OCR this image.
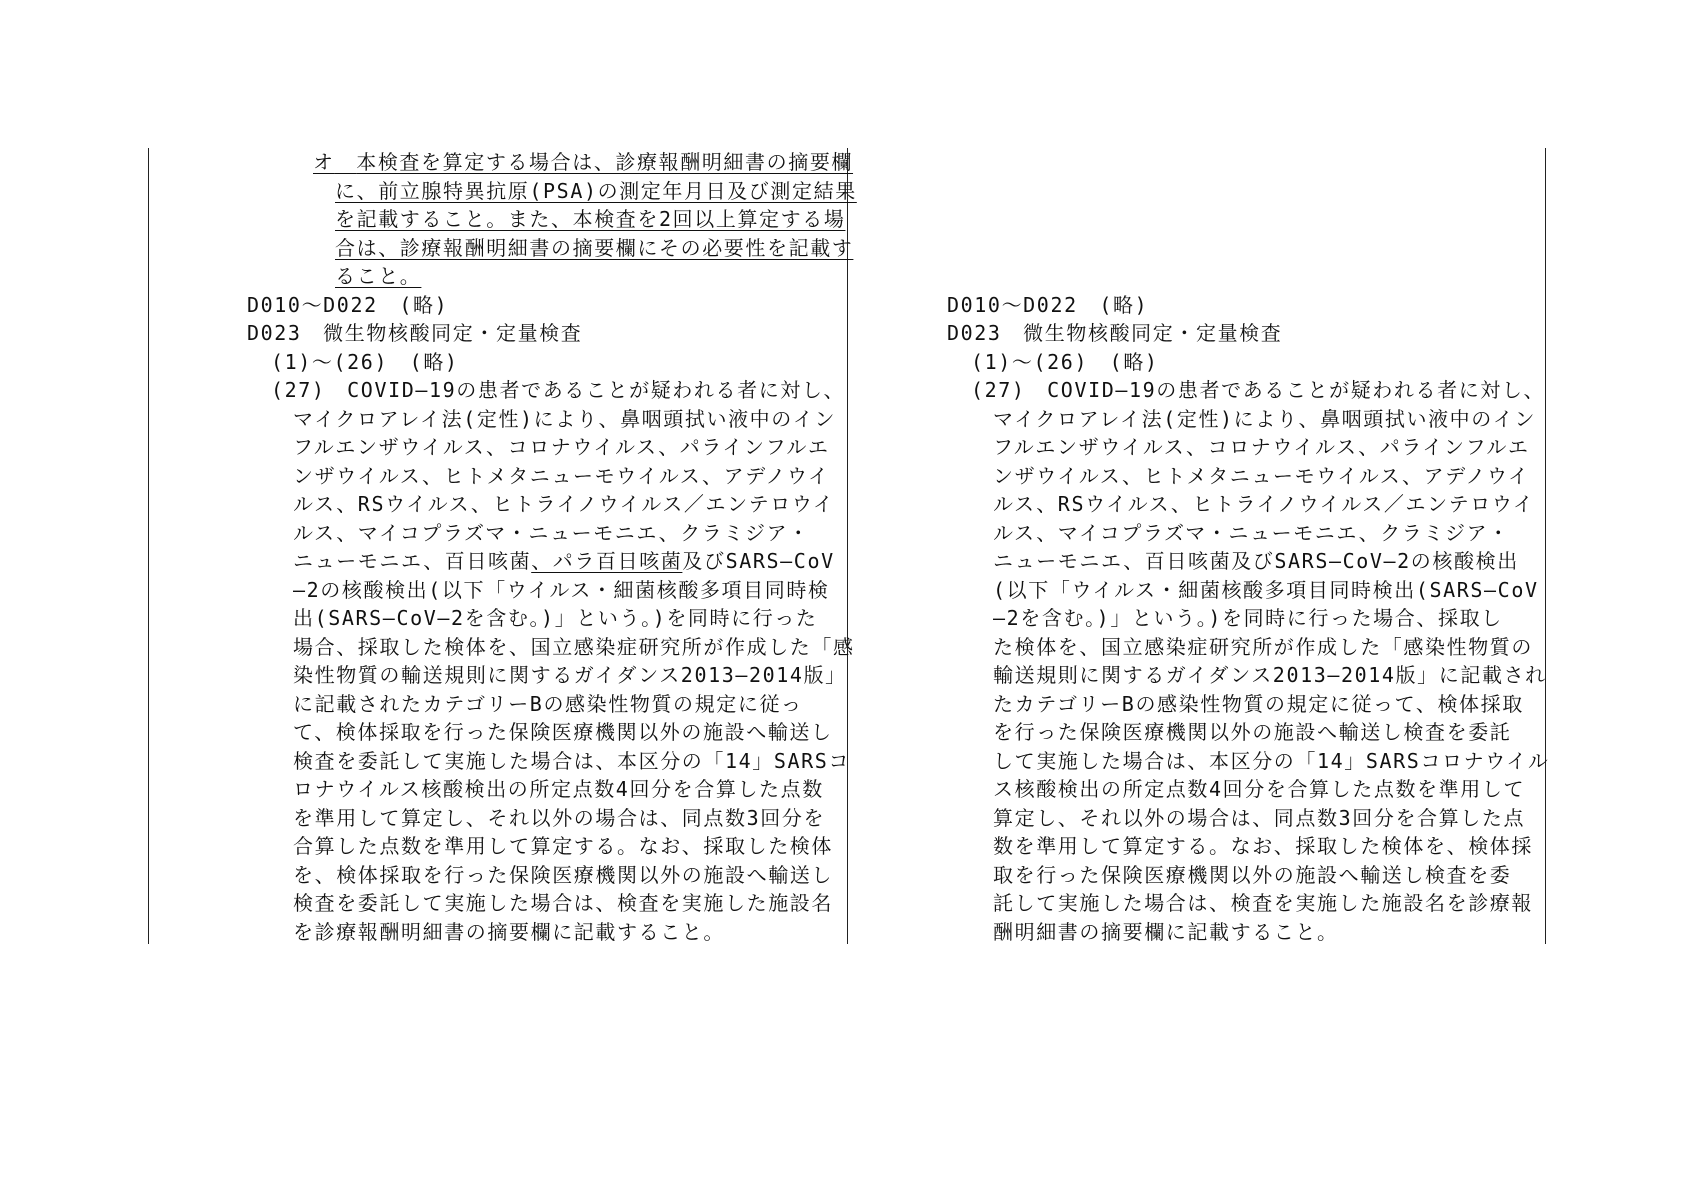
オ　 本検査を算定する場合は、診療報酬明細書の摘要欄
に、前立腺特異抗原(PSA)の測定年月日及び測定結果
を記載すること。また、本検査を2回以上算定する場
合は、診療報酬明細書の摘要欄にその必要性を記載す
ること。
D010～D022　(略)
D023　微生物核酸同定・定量検査
(1)～(26)　(略)
(27)　COVID―19の患者であることが疑われる者に対し、
マイクロアレイ法(定性)により、鼻咽頭拭い液中のイン
フルエンザウイルス、コロナウイルス、パラインフルエ
ンザウイルス、ヒトメタニューモウイルス、アデノウイ
ルス、RSウイルス、ヒトライノウイルス／エンテロウイ
ルス、マイコプラズマ・ニューモニエ、クラミジア・
ニューモニエ、百日咳菌、パラ百日咳菌及びSARS―CoV
―2の核酸検出(以下「ウイルス・細菌核酸多項目同時検
出(SARS―CoV―2を含む。)」という。)を同時に行った
場合、採取した検体を、国立感染症研究所が作成した「感
染性物質の輸送規則に関するガイダンス2013―2014版」
に記載されたカテゴリーBの感染性物質の規定に従っ
て、検体採取を行った保険医療機関以外の施設へ輸送し
検査を委託して実施した場合は、本区分の「14」SARSコ
ロナウイルス核酸検出の所定点数4回分を合算した点数
を準用して算定し、それ以外の場合は、同点数3回分を
合算した点数を準用して算定する。なお、採取した検体
を、検体採取を行った保険医療機関以外の施設へ輸送し
検査を委託して実施した場合は、検査を実施した施設名
を診療報酬明細書の摘要欄に記載すること。
D010～D022　(略)
D023　微生物核酸同定・定量検査
(1)～(26)　(略)
(27)　COVID―19の患者であることが疑われる者に対し、
マイクロアレイ法(定性)により、鼻咽頭拭い液中のイン
フルエンザウイルス、コロナウイルス、パラインフルエ
ンザウイルス、ヒトメタニューモウイルス、アデノウイ
ルス、RSウイルス、ヒトライノウイルス／エンテロウイ
ルス、マイコプラズマ・ニューモニエ、クラミジア・
ニューモニエ、百日咳菌及びSARS―CoV―2の核酸検出
(以下「ウイルス・細菌核酸多項目同時検出(SARS―CoV
―2を含む。)」という。)を同時に行った場合、採取し
た検体を、国立感染症研究所が作成した「感染性物質の
輸送規則に関するガイダンス2013―2014版」に記載され
たカテゴリーBの感染性物質の規定に従って、検体採取
を行った保険医療機関以外の施設へ輸送し検査を委託
して実施した場合は、本区分の「14」SARSコロナウイル
ス核酸検出の所定点数4回分を合算した点数を準用して
算定し、それ以外の場合は、同点数3回分を合算した点
数を準用して算定する。なお、採取した検体を、検体採
取を行った保険医療機関以外の施設へ輸送し検査を委
託して実施した場合は、検査を実施した施設名を診療報
酬明細書の摘要欄に記載すること。
